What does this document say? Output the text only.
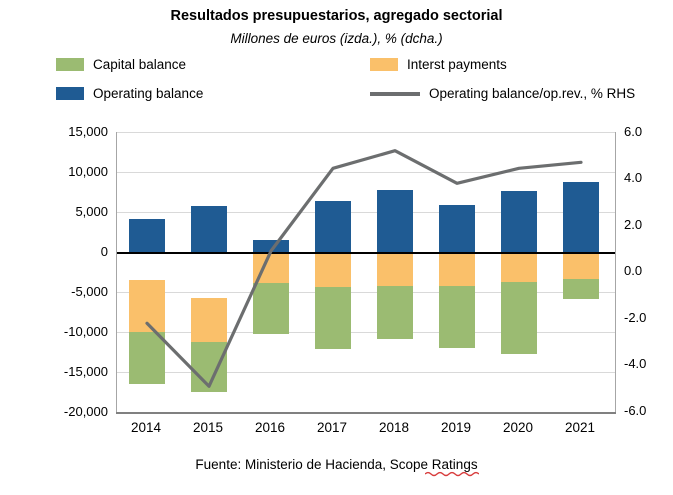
Resultados presupuestarios, agregado sectorial
Millones de euros (izda.), % (dcha.)
Capital balance	Interst payments
Operating balance	Operating balance/op.rev., % RHS
15,000
10,000
5,000
0
-5,000
-10,000
-15,000
-20,000
6.0
4.0
2.0
0.0
-2.0
-4.0
-6.0
2014	2015	2016	2017	2018	2019	2020	2021
Fuente: Ministerio de Hacienda, Scope Ratings
